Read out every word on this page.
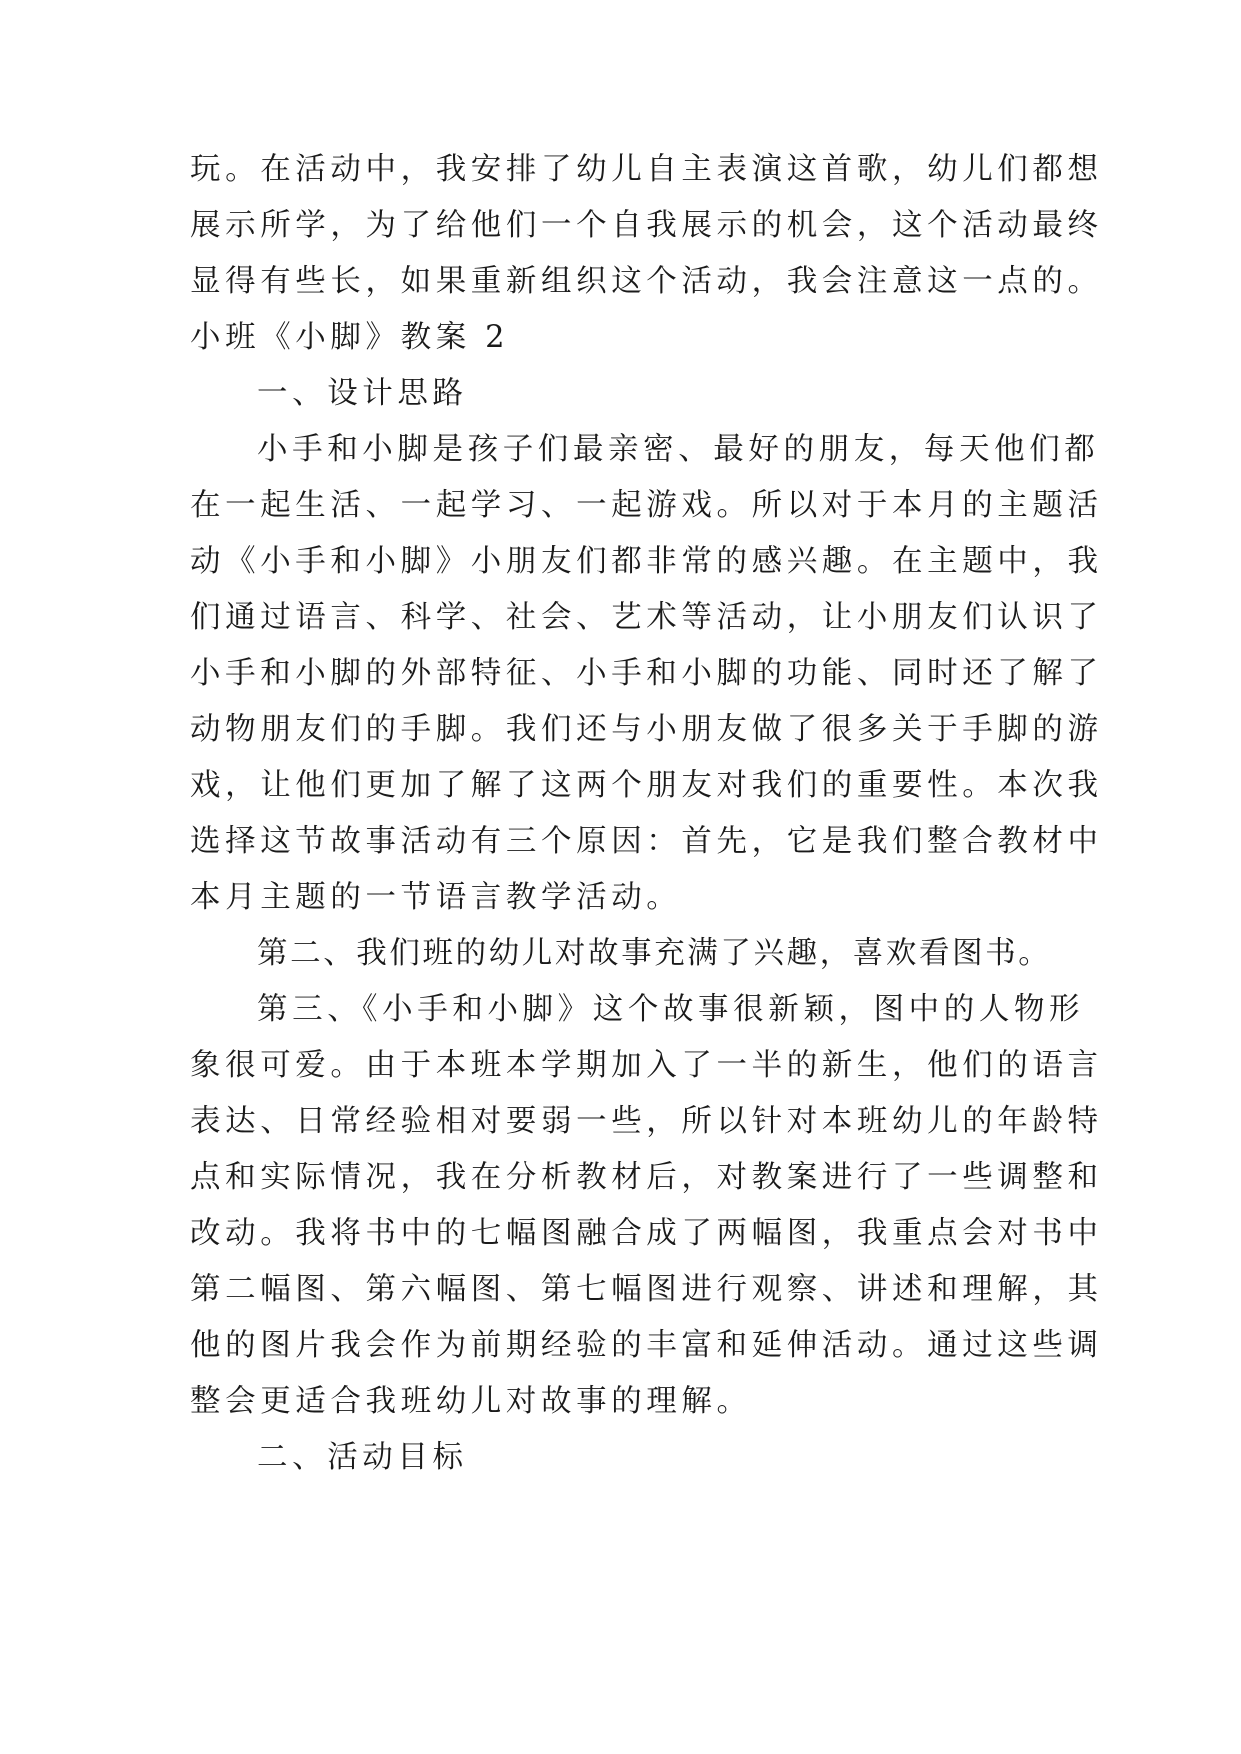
玩。在活动中，我安排了幼儿自主表演这首歌，幼儿们都想
展示所学，为了给他们一个自我展示的机会，这个活动最终
显得有些长，如果重新组织这个活动，我会注意这一点的。
小班《小脚》教案 2
一、设计思路
小手和小脚是孩子们最亲密、最好的朋友，每天他们都
在一起生活、一起学习、一起游戏。所以对于本月的主题活
动《小手和小脚》小朋友们都非常的感兴趣。在主题中，我
们通过语言、科学、社会、艺术等活动，让小朋友们认识了
小手和小脚的外部特征、小手和小脚的功能、同时还了解了
动物朋友们的手脚。我们还与小朋友做了很多关于手脚的游
戏，让他们更加了解了这两个朋友对我们的重要性。本次我
选择这节故事活动有三个原因：首先，它是我们整合教材中
本月主题的一节语言教学活动。
第二、我们班的幼儿对故事充满了兴趣，喜欢看图书。
第三、《小手和小脚》这个故事很新颖，图中的人物形
象很可爱。由于本班本学期加入了一半的新生，他们的语言
表达、日常经验相对要弱一些，所以针对本班幼儿的年龄特
点和实际情况，我在分析教材后，对教案进行了一些调整和
改动。我将书中的七幅图融合成了两幅图，我重点会对书中
第二幅图、第六幅图、第七幅图进行观察、讲述和理解，其
他的图片我会作为前期经验的丰富和延伸活动。通过这些调
整会更适合我班幼儿对故事的理解。
二、活动目标
